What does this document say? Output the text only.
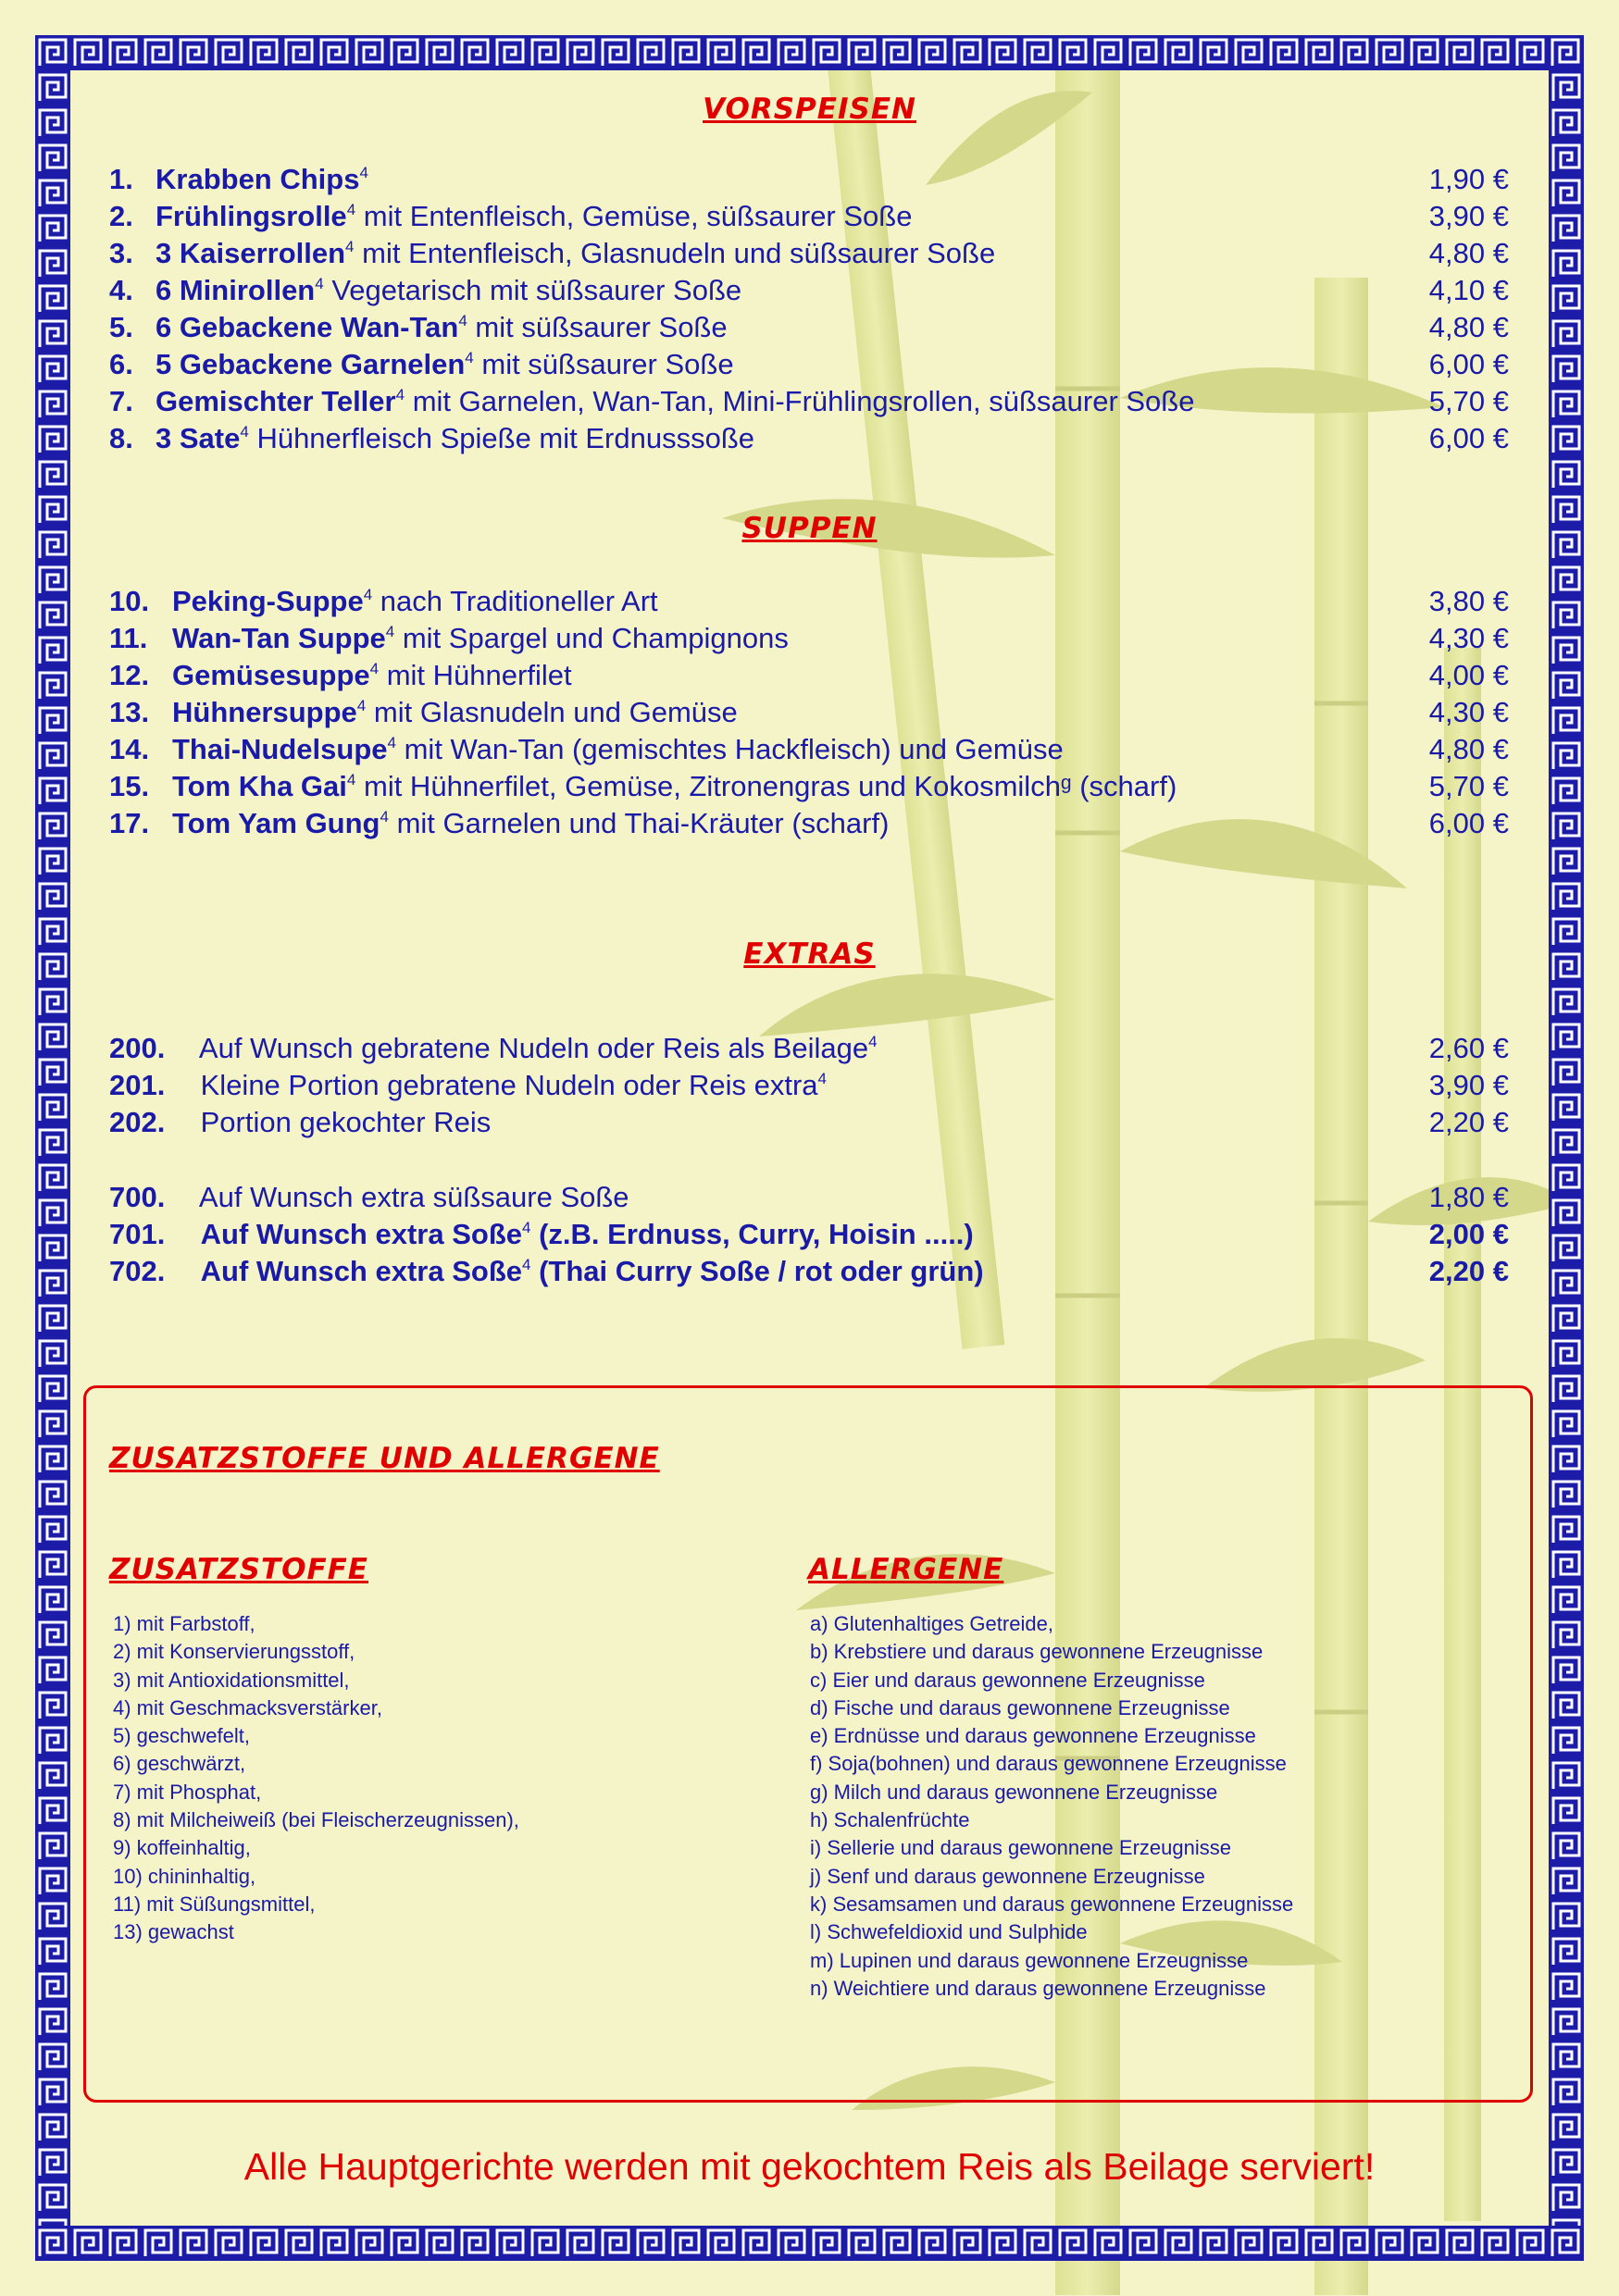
VORSPEISEN
1. Krabben Chips$^4$	1,90 €
2. Frühlingsrolle$^4$ mit Entenfleisch, Gemüse, süßsaurer Soße	3,90 €
3. 3 Kaiserrollen$^4$ mit Entenfleisch, Glasnudeln und süßsaurer Soße	4,80 €
4. 6 Minirollen$^4$ Vegetarisch mit süßsaurer Soße	4,10 €
5. 6 Gebackene Wan-Tan$^4$ mit süßsaurer Soße	4,80 €
6. 5 Gebackene Garnelen$^4$ mit süßsaurer Soße	6,00 €
7. Gemischter Teller$^4$ mit Garnelen, Wan-Tan, Mini-Frühlingsrollen, süßsaurer Soße	5,70 €
8. 3 Sate$^4$ Hühnerfleisch Spieße mit Erdnusssoße	6,00 €
SUPPEN
10. Peking-Suppe$^4$ nach Traditioneller Art	3,80 €
11. Wan-Tan Suppe$^4$ mit Spargel und Champignons	4,30 €
12. Gemüsesuppe$^4$ mit Hühnerfilet	4,00 €
13. Hühnersuppe$^4$ mit Glasnudeln und Gemüse	4,30 €
14. Thai-Nudelsupe$^4$ mit Wan-Tan (gemischtes Hackfleisch) und Gemüse	4,80 €
15. Tom Kha Gai$^4$ mit Hühnerfilet, Gemüse, Zitronengras und Kokosmilchᵍ (scharf)	5,70 €
17. Tom Yam Gung$^4$ mit Garnelen und Thai-Kräuter (scharf)	6,00 €
EXTRAS
200. Auf Wunsch gebratene Nudeln oder Reis als Beilage$^4$	2,60 €
201. Kleine Portion gebratene Nudeln oder Reis extra$^4$	3,90 €
202. Portion gekochter Reis	2,20 €
700. Auf Wunsch extra süßsaure Soße	1,80 €
701. Auf Wunsch extra Soße$^4$ (z.B. Erdnuss, Curry, Hoisin .....)	2,00 €
702. Auf Wunsch extra Soße$^4$ (Thai Curry Soße / rot oder grün)	2,20 €
ZUSATZSTOFFE UND ALLERGENE
ZUSATZSTOFFE
1) mit Farbstoff,
2) mit Konservierungsstoff,
3) mit Antioxidationsmittel,
4) mit Geschmacksverstärker,
5) geschwefelt,
6) geschwärzt,
7) mit Phosphat,
8) mit Milcheiweiß (bei Fleischerzeugnissen),
9) koffeinhaltig,
10) chininhaltig,
11) mit Süßungsmittel,
13) gewachst
ALLERGENE
a) Glutenhaltiges Getreide,
b) Krebstiere und daraus gewonnene Erzeugnisse
c) Eier und daraus gewonnene Erzeugnisse
d) Fische und daraus gewonnene Erzeugnisse
e) Erdnüsse und daraus gewonnene Erzeugnisse
f) Soja(bohnen) und daraus gewonnene Erzeugnisse
g) Milch und daraus gewonnene Erzeugnisse
h) Schalenfrüchte
i) Sellerie und daraus gewonnene Erzeugnisse
j) Senf und daraus gewonnene Erzeugnisse
k) Sesamsamen und daraus gewonnene Erzeugnisse
l) Schwefeldioxid und Sulphide
m) Lupinen und daraus gewonnene Erzeugnisse
n) Weichtiere und daraus gewonnene Erzeugnisse
Alle Hauptgerichte werden mit gekochtem Reis als Beilage serviert!
